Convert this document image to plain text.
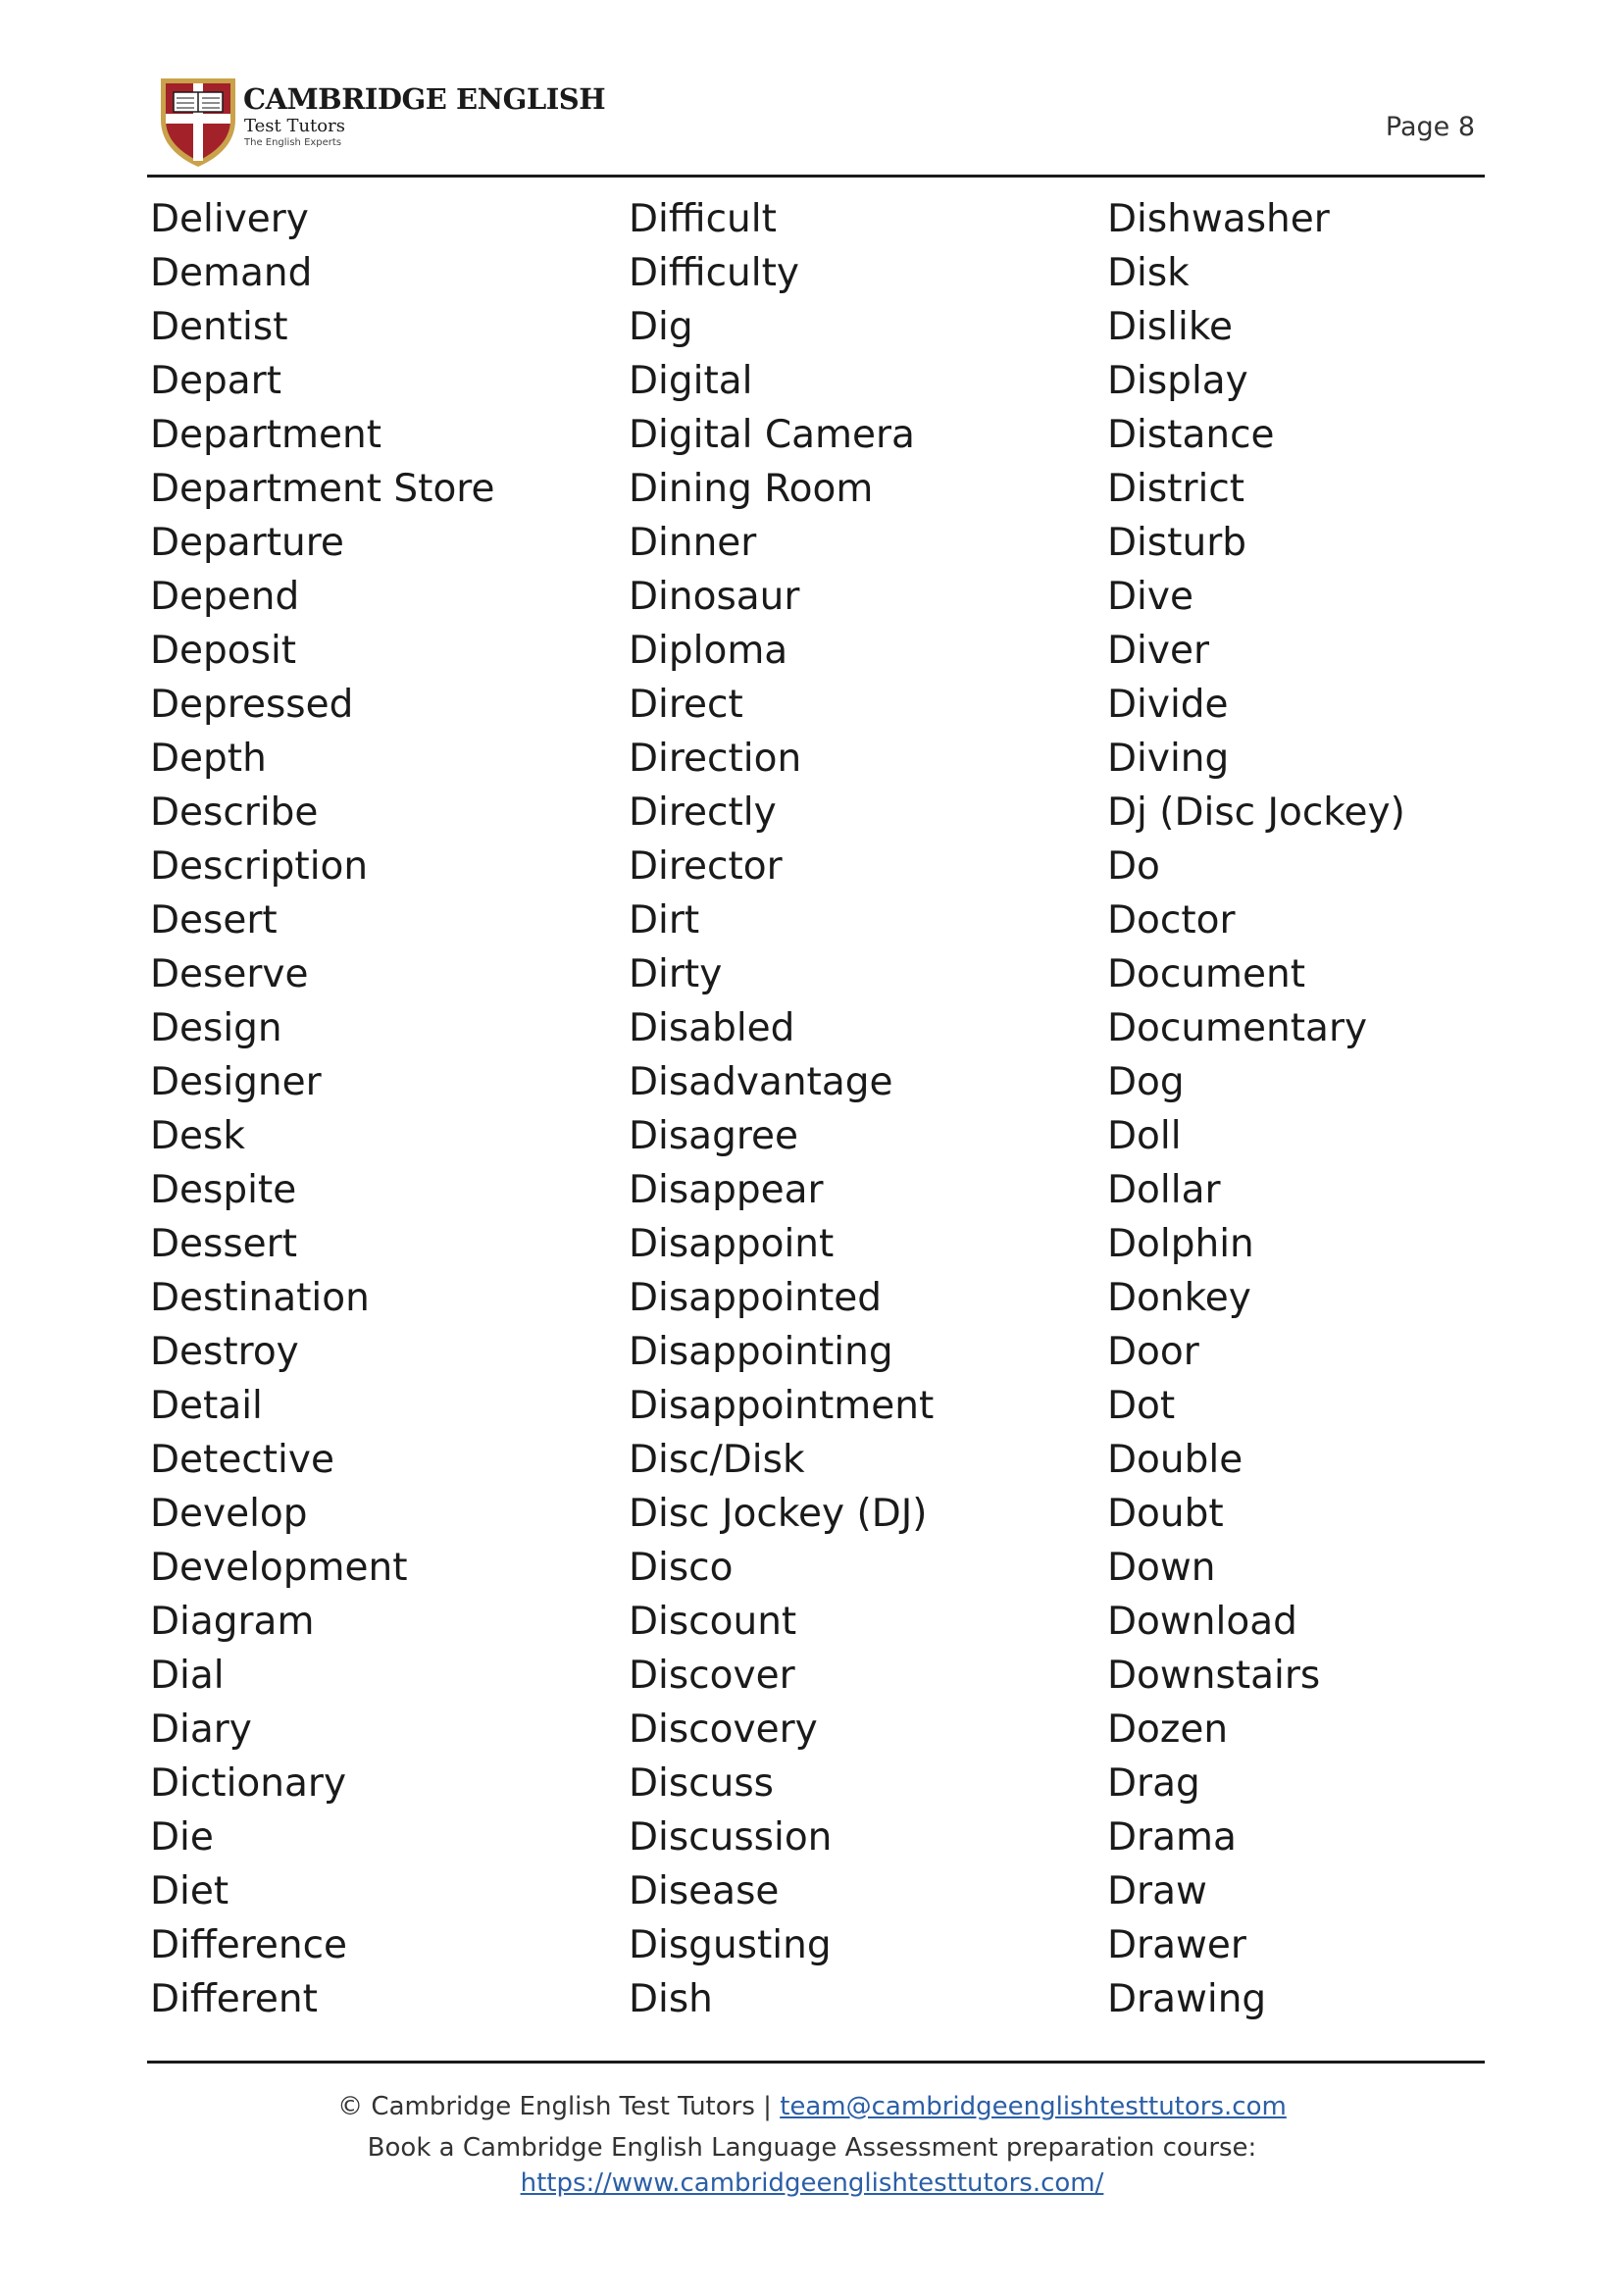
CAMBRIDGE ENGLISH
Test Tutors
The English Experts
Page 8
Delivery
Demand
Dentist
Depart
Department
Department Store
Departure
Depend
Deposit
Depressed
Depth
Describe
Description
Desert
Deserve
Design
Designer
Desk
Despite
Dessert
Destination
Destroy
Detail
Detective
Develop
Development
Diagram
Dial
Diary
Dictionary
Die
Diet
Difference
Different
Difficult
Difficulty
Dig
Digital
Digital Camera
Dining Room
Dinner
Dinosaur
Diploma
Direct
Direction
Directly
Director
Dirt
Dirty
Disabled
Disadvantage
Disagree
Disappear
Disappoint
Disappointed
Disappointing
Disappointment
Disc/Disk
Disc Jockey (DJ)
Disco
Discount
Discover
Discovery
Discuss
Discussion
Disease
Disgusting
Dish
Dishwasher
Disk
Dislike
Display
Distance
District
Disturb
Dive
Diver
Divide
Diving
Dj (Disc Jockey)
Do
Doctor
Document
Documentary
Dog
Doll
Dollar
Dolphin
Donkey
Door
Dot
Double
Doubt
Down
Download
Downstairs
Dozen
Drag
Drama
Draw
Drawer
Drawing
© Cambridge English Test Tutors | team@cambridgeenglishtesttutors.com
Book a Cambridge English Language Assessment preparation course:
https://www.cambridgeenglishtesttutors.com/
